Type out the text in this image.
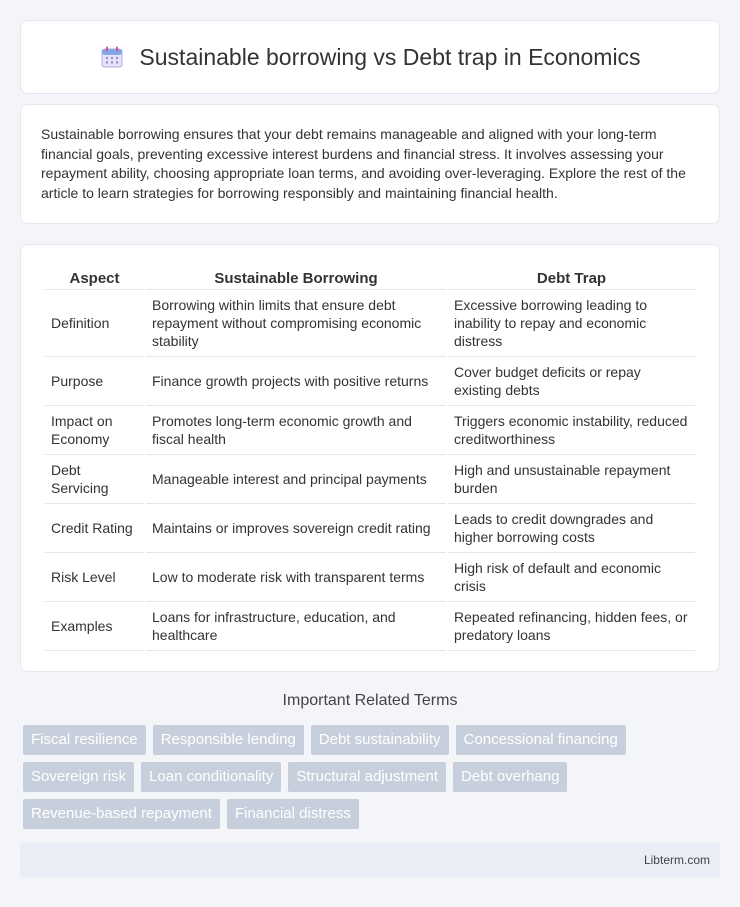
Sustainable borrowing vs Debt trap in Economics

Sustainable borrowing ensures that your debt remains manageable and aligned with your long-term financial goals, preventing excessive interest burdens and financial stress. It involves assessing your repayment ability, choosing appropriate loan terms, and avoiding over-leveraging. Explore the rest of the article to learn strategies for borrowing responsibly and maintaining financial health.

Aspect	Sustainable Borrowing	Debt Trap
Definition	Borrowing within limits that ensure debt repayment without compromising economic stability	Excessive borrowing leading to inability to repay and economic distress
Purpose	Finance growth projects with positive returns	Cover budget deficits or repay existing debts
Impact on Economy	Promotes long-term economic growth and fiscal health	Triggers economic instability, reduced creditworthiness
Debt Servicing	Manageable interest and principal payments	High and unsustainable repayment burden
Credit Rating	Maintains or improves sovereign credit rating	Leads to credit downgrades and higher borrowing costs
Risk Level	Low to moderate risk with transparent terms	High risk of default and economic crisis
Examples	Loans for infrastructure, education, and healthcare	Repeated refinancing, hidden fees, or predatory loans
Important Related Terms
Fiscal resilience	Responsible lending	Debt sustainability	Concessional financing
Sovereign risk	Loan conditionality	Structural adjustment	Debt overhang
Revenue-based repayment	Financial distress
Libterm.com
